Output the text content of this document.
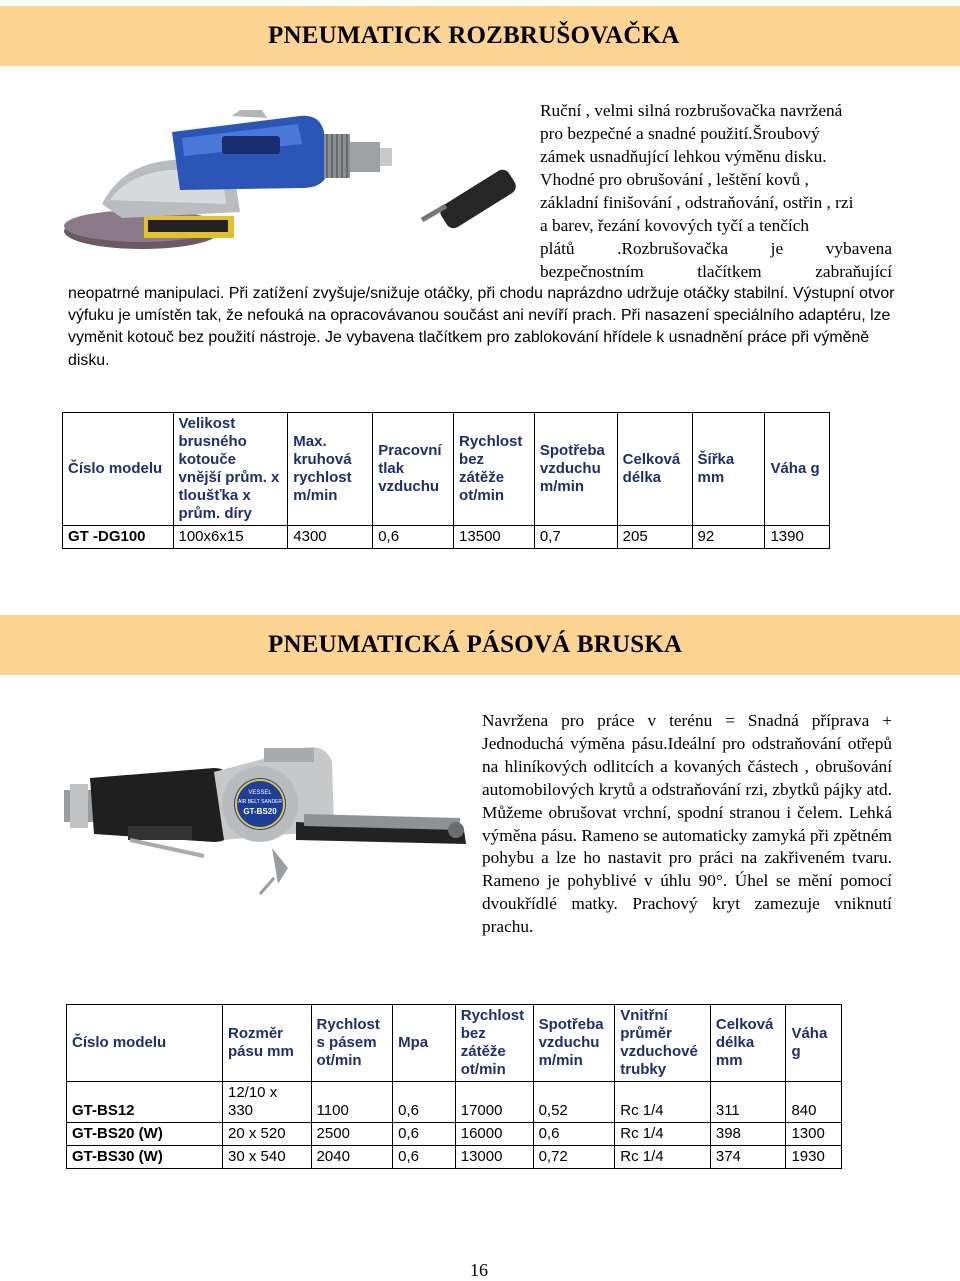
PNEUMATICK ROZBRUŠOVAČKA

Ruční , velmi silná rozbrušovačka navržená

pro bezpečné a snadné použití.Šroubový

zámek usnadňující lehkou výměnu disku.

Vhodné pro obrušování , leštění kovů ,

základní finišování , odstraňování, ostřin , rzi

a barev, řezání kovových tyčí a tenčích

plátů .Rozbrušovačka je vybavena

bezpečnostním tlačítkem zabraňující

neopatrné manipulaci. Při zatížení zvyšuje/snižuje otáčky, při chodu naprázdno udržuje otáčky stabilní. Výstupní otvor výfuku je umístěn tak, že nefouká na opracovávanou součást ani nevíří prach. Při nasazení speciálního adaptéru, lze vyměnit kotouč bez použití nástroje. Je vybavena tlačítkem pro zablokování hřídele k usnadnění práce při výměně disku.

Číslo modelu	Velikost brusného kotouče vnější prům. x tloušťka x prům. díry	Max. kruhová rychlost m/min	Pracovní tlak vzduchu	Rychlost bez zátěže ot/min	Spotřeba vzduchu m/min	Celková délka	Šířka mm	Váha g
GT -DG100	100x6x15	4300	0,6	13500	0,7	205	92	1390
PNEUMATICKÁ PÁSOVÁ BRUSKA
VESSEL
AIR BELT SANDER
GT-BS20

Navržena pro práce v terénu = Snadná příprava + Jednoduchá výměna pásu.Ideální pro odstraňování otřepů na hliníkových odlitcích a kovaných částech , obrušování automobilových krytů a odstraňování rzi, zbytků pájky atd. Můžeme obrušovat vrchní, spodní stranou i čelem. Lehká výměna pásu. Rameno se automaticky zamyká při zpětném pohybu a lze ho nastavit pro práci na zakřiveném tvaru. Rameno je pohyblivé v úhlu 90°. Úhel se mění pomocí dvoukřídlé matky. Prachový kryt zamezuje vniknutí prachu.

Číslo modelu	Rozměr pásu mm	Rychlost s pásem ot/min	Mpa	Rychlost bez zátěže ot/min	Spotřeba vzduchu m/min	Vnitřní průměr vzduchové trubky	Celková délka mm	Váha g
GT-BS12	12/10 x 330	1100	0,6	17000	0,52	Rc 1/4	311	840
GT-BS20 (W)	20 x 520	2500	0,6	16000	0,6	Rc 1/4	398	1300
GT-BS30 (W)	30 x 540	2040	0,6	13000	0,72	Rc 1/4	374	1930
16
